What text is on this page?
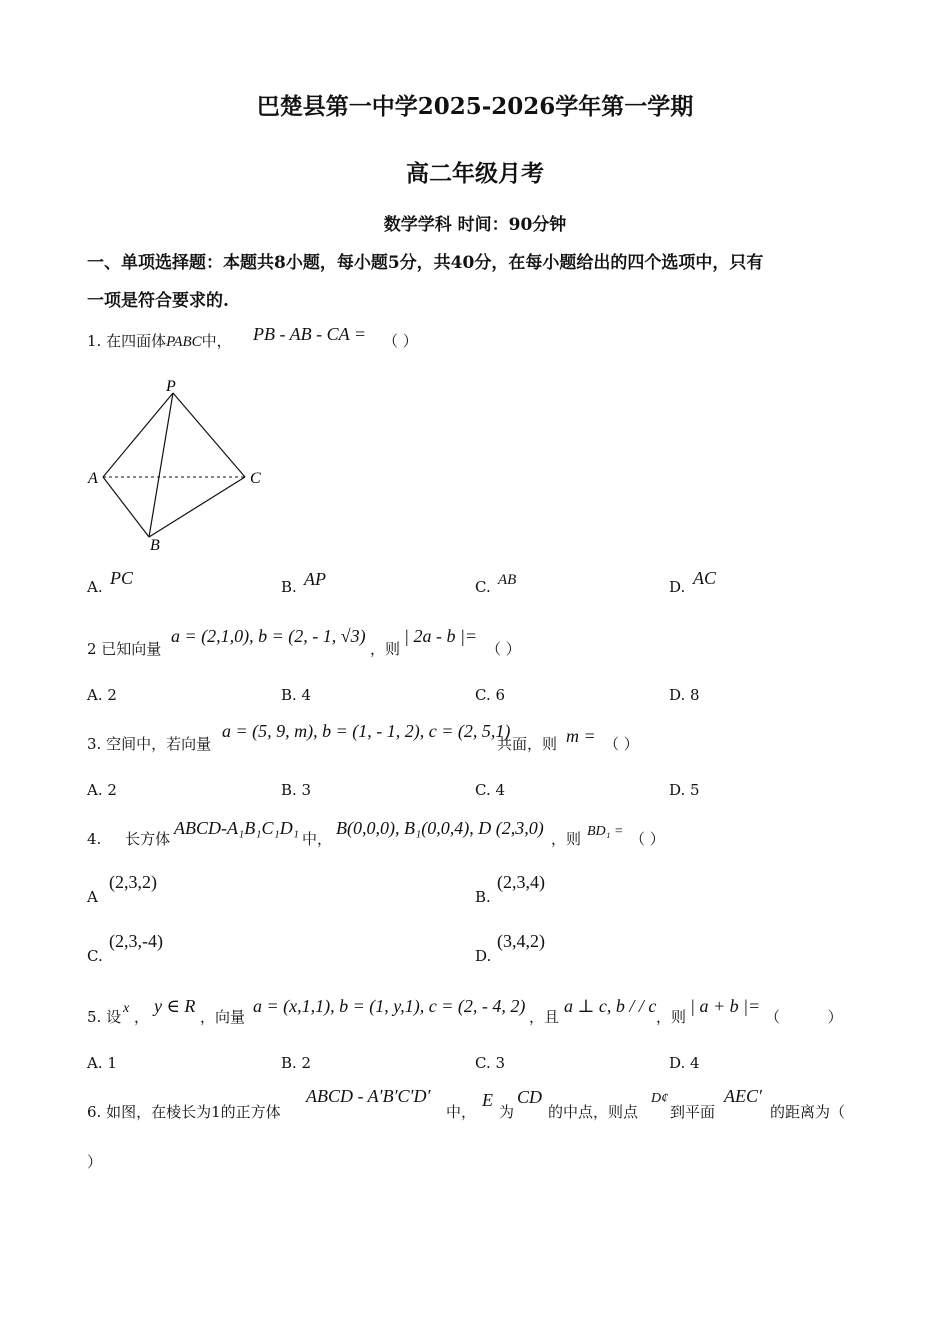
巴楚县第一中学2025-2026学年第一学期
高二年级月考
数学学科 时间：90分钟
一、单项选择题：本题共8小题，每小题5分，共40分，在每小题给出的四个选项中，只有
一项是符合要求的.
1. 在四面体PABC中， PB - AB - CA = （ ）
P
A	C
B
A. PC	B. AP	C. AB	D. AC
2 已知向量
a = (2,1,0), b = (2, - 1, √3)
，则
| 2a - b |=
（ ）
A. 2	B. 4	C. 6	D. 8
3. 空间中，若向量
a = (5, 9, m), b = (1, - 1, 2), c = (2, 5,1)
共面，则 m = （ ）
A. 2	B. 3	C. 4	D. 5
4.     长方体
ABCD-A₁B₁C₁D₁
中，
B(0,0,0), B₁(0,0,4), D (2,3,0)
，则 BD₁ = （ ）
A
(2,3,2)
B.
(2,3,4)
C.
(2,3,-4)
D.
(3,4,2)
5. 设 x ，
y ∈ R
，向量
a = (x,1,1), b = (1, y,1), c = (2, - 4, 2)
，且
a ⊥ c, b / / c
，则
| a + b |=
（          ）
A. 1	B. 2	C. 3	D. 4
6. 如图，在棱长为1的正方体
ABCD - A′B′C′D′
中，
E
为
CD
的中点，则点
D¢
到平面
AEC′
的距离为（
）
